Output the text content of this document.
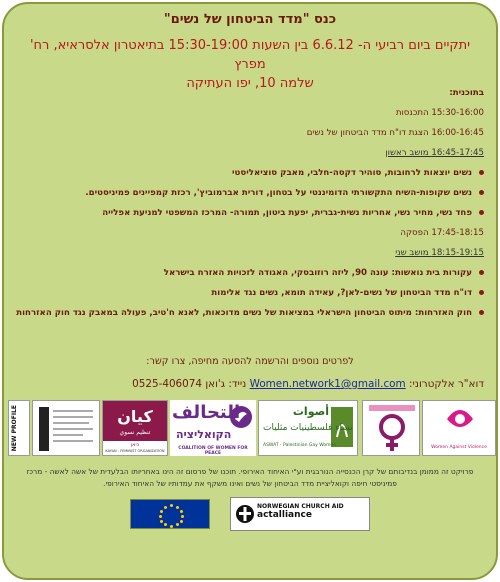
כנס "מדד הביטחון של נשים"
יתקיים ביום רביעי ה- 6.6.12 בין השעות 15:30-19:00 בתיאטרון אלסראיא, רח' מפרץ
שלמה 10, יפו העתיקה
בתוכנית:
15:30-16:00 התכנסות
16:00-16:45 הצגת דו"ח מדד הביטחון של נשים
16:45-17:45 מושב ראשון
נשים יוצאות לרחובות, סוהיר דקסה-חלבי, מאבק סוציאליסטי
נשים שקופות-השיח התקשורתי הדומיננטי על בטחון, דורית אברמוביץ', רכזת קמפיינים פמיניסטים.
פחד נשי, מחיר נשי, אחריות נשית-גברית, יפעת ביטון, תמורה- המרכז המשפטי למניעת אפלייה
17:45-18:15 הפסקה
18:15-19:15 מושב שני
עקורות בית נואשות: עונה 90, ליזה רוזובסקי, האגודה לזכויות האזרח בישראל
דו"ח מדד הביטחון של נשים-לאן?, עאידה תומא, נשים נגד אלימות
חוק האזרחות: מיתוס הביטחון הישראלי במציאות של נשים מדוכאות, לאנא ח'טיב, פעולה במאבק נגד חוק האזרחות
לפרטים נוספים והרשמה להסעה מחיפה, צרו קשר:
דוא"ר אלקטרוני: Women.network1@gmail.com נייד: ג'ואן 0525-406074
NEW PROFILE	كيان
تنظيم نسوي
כיאן
KAYAN - FEMINIST ORGANIZATION
التحالف
הקואליציה
COALITION OF WOMEN FOR PEACE
أصوات
نساء فلسطينيات مثليات
ASWAT - Palestinian Gay Women	Women Against Violence
פרויקט זה ממומן בנדיבותם של קרן הכנסייה הנורבגית וע"י האיחוד האירופי. תוכנו של פרסום זה הינו באחריותו הבלעדית של אשה לאשה - מרכז
פמיניסטי חיפה וקואליציית מדד הביטחון של נשים ואינו משקף את עמדותיו של האיחוד האירופי.
NORWEGIAN CHURCH AID
actalliance
